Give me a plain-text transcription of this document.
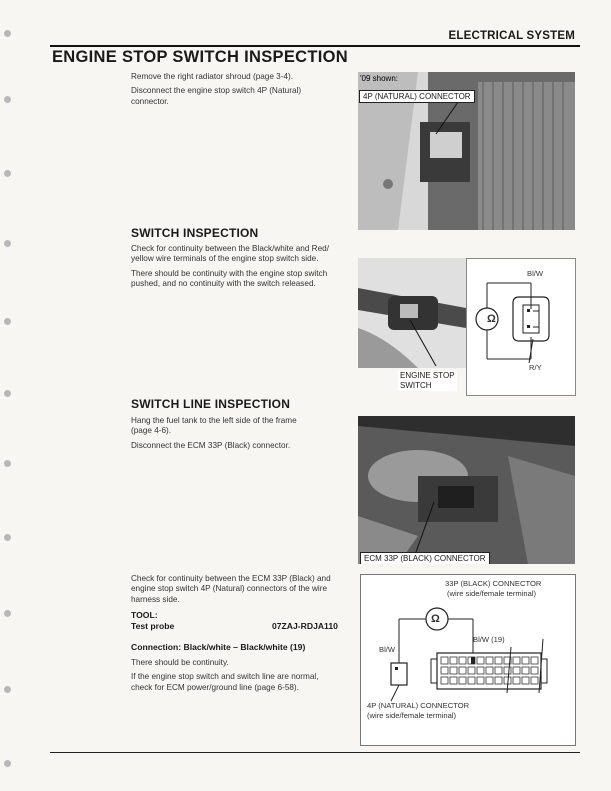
ELECTRICAL SYSTEM
ENGINE STOP SWITCH INSPECTION
Remove the right radiator shroud (page 3-4).
Disconnect the engine stop switch 4P (Natural)
connector.
'09 shown:
4P (NATURAL) CONNECTOR
SWITCH INSPECTION
Check for continuity between the Black/white and Red/
yellow wire terminals of the engine stop switch side.
There should be continuity with the engine stop switch
pushed, and no continuity with the switch released.
ENGINE STOP
SWITCH
Ω
Bl/W
R/Y
SWITCH LINE INSPECTION
Hang the fuel tank to the left side of the frame
(page 4-6).
Disconnect the ECM 33P (Black) connector.
ECM 33P (BLACK) CONNECTOR
Check for continuity between the ECM 33P (Black) and
engine stop switch 4P (Natural) connectors of the wire
harness side.
TOOL:
Test probe	07ZAJ-RDJA110
Connection: Black/white – Black/white (19)
There should be continuity.
If the engine stop switch and switch line are normal,
check for ECM power/ground line (page 6-58).
33P (BLACK) CONNECTOR
(wire side/female terminal)
Ω
Bl/W
Bl/W (19)
4P (NATURAL) CONNECTOR
(wire side/female terminal)
